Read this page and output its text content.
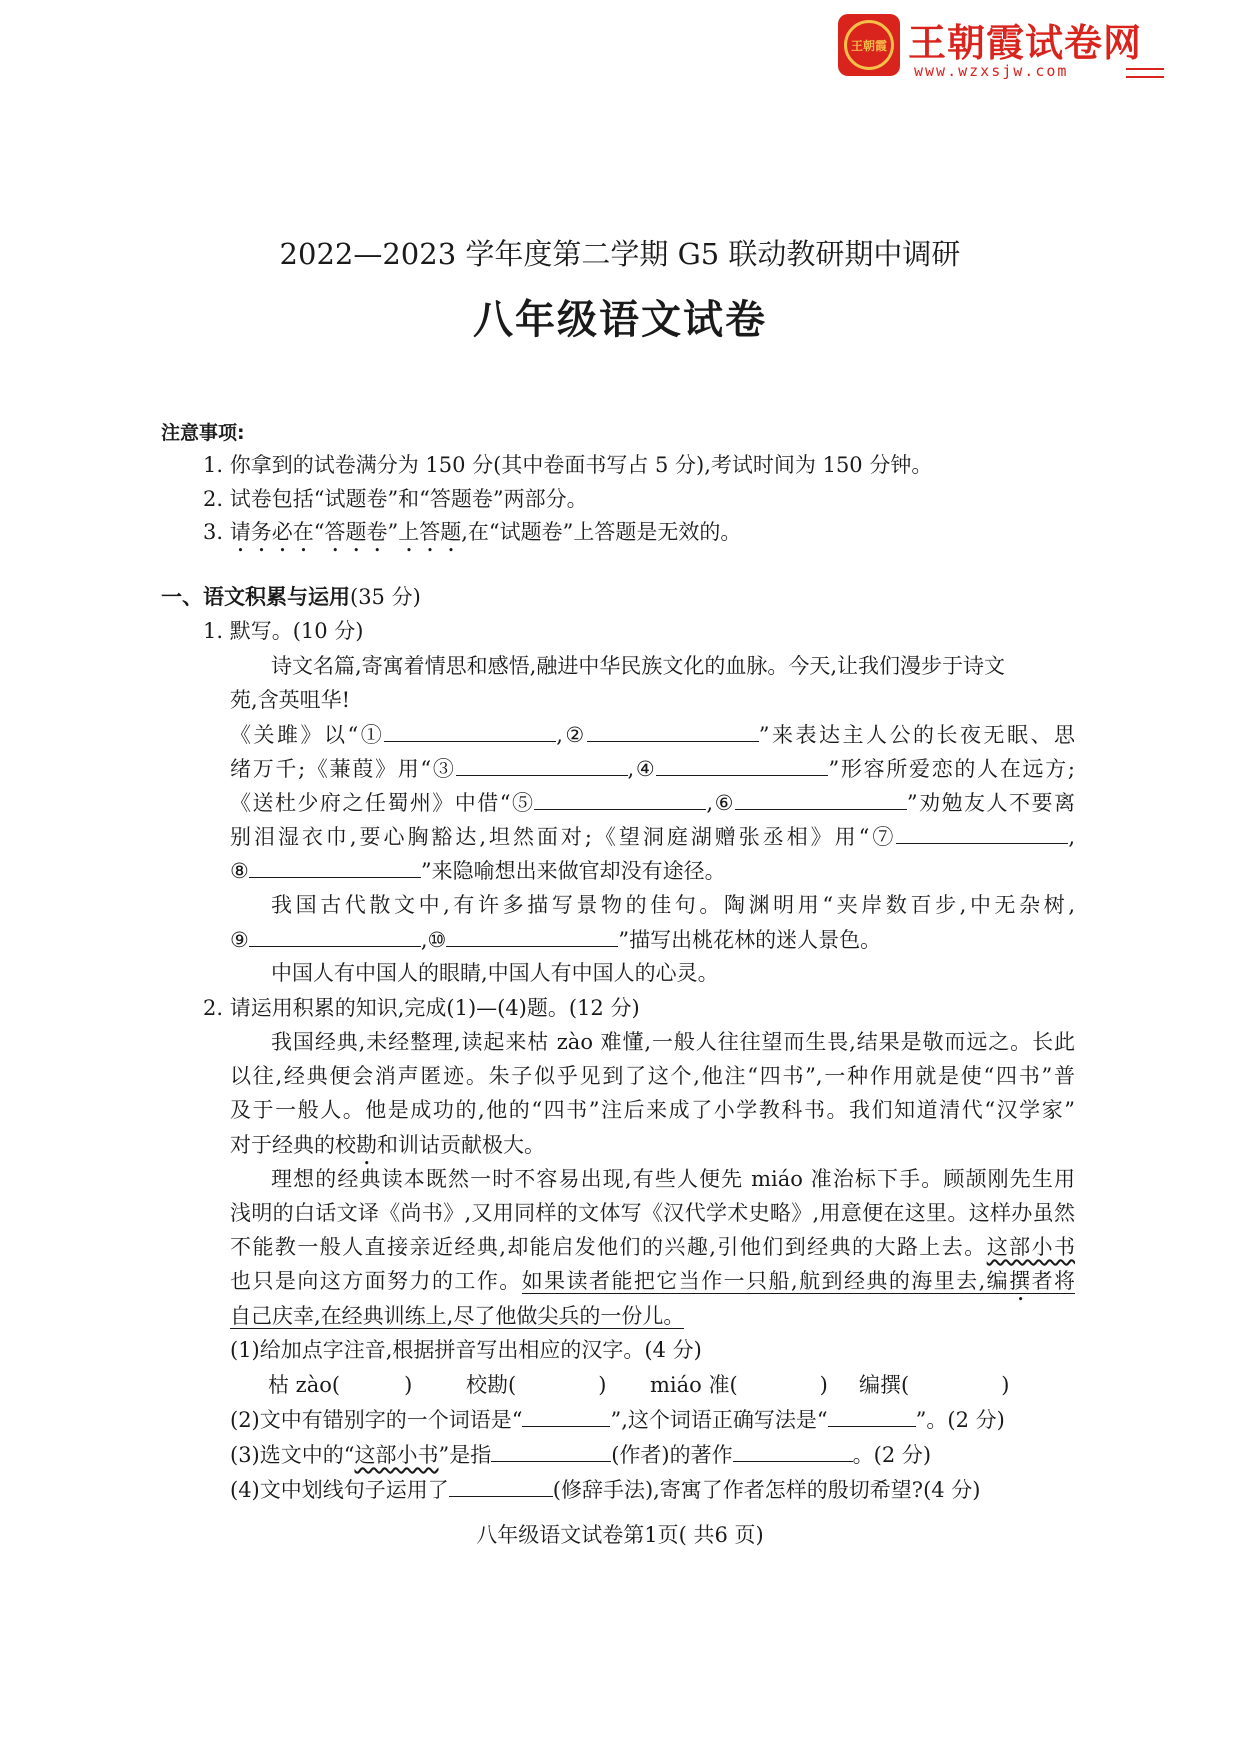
王朝霞 王朝霞试卷网
www.wzxsjw.com
2022—2023 学年度第二学期 G5 联动教研期中调研
八年级语文试卷
注意事项:
1. 你拿到的试卷满分为 150 分(其中卷面书写占 5 分),考试时间为 150 分钟。
2. 试卷包括“试题卷”和“答题卷”两部分。
3. 请务必在“答题卷”上答题,在“试题卷”上答题是无效的。
一、语文积累与运用(35 分)
1. 默写。(10 分)
诗文名篇,寄寓着情思和感悟,融进中华民族文化的血脉。今天,让我们漫步于诗文
苑,含英咀华!
《关雎》以“①	,②	”来表达主人公的长夜无眠、思
绪万千;《蒹葭》用“③	,④	”形容所爱恋的人在远方;
《送杜少府之任蜀州》中借“⑤	,⑥	”劝勉友人不要离
别泪湿衣巾,要心胸豁达,坦然面对;《望洞庭湖赠张丞相》用“⑦	,
⑧	”来隐喻想出来做官却没有途径。
我国古代散文中,有许多描写景物的佳句。陶渊明用“夹岸数百步,中无杂树,
⑨	,⑩	”描写出桃花林的迷人景色。
中国人有中国人的眼睛,中国人有中国人的心灵。
2. 请运用积累的知识,完成(1)—(4)题。(12 分)
我国经典,未经整理,读起来枯 zào 难懂,一般人往往望而生畏,结果是敬而远之。长此
以往,经典便会消声匿迹。朱子似乎见到了这个,他注“四书”,一种作用就是使“四书”普
及于一般人。他是成功的,他的“四书”注后来成了小学教科书。我们知道清代“汉学家”
对于经典的校勘和训诂贡献极大。
理想的经典读本既然一时不容易出现,有些人便先 miáo 准治标下手。顾颉刚先生用
浅明的白话文译《尚书》,又用同样的文体写《汉代学术史略》,用意便在这里。这样办虽然
不能教一般人直接亲近经典,却能启发他们的兴趣,引他们到经典的大路上去。这部小书
也只是向这方面努力的工作。如果读者能把它当作一只船,航到经典的海里去,编撰者将
自己庆幸,在经典训练上,尽了他做尖兵的一份儿。
(1)给加点字注音,根据拼音写出相应的汉字。(4 分)
枯 zào(	)	校勘(	) miáo 准(	) 编撰(	)
(2)文中有错别字的一个词语是“	”,这个词语正确写法是“	”。(2 分)
(3)选文中的“这部小书”是指	(作者)的著作	。(2 分)
(4)文中划线句子运用了	(修辞手法),寄寓了作者怎样的殷切希望?(4 分)
八年级语文试卷第1页( 共6 页)
